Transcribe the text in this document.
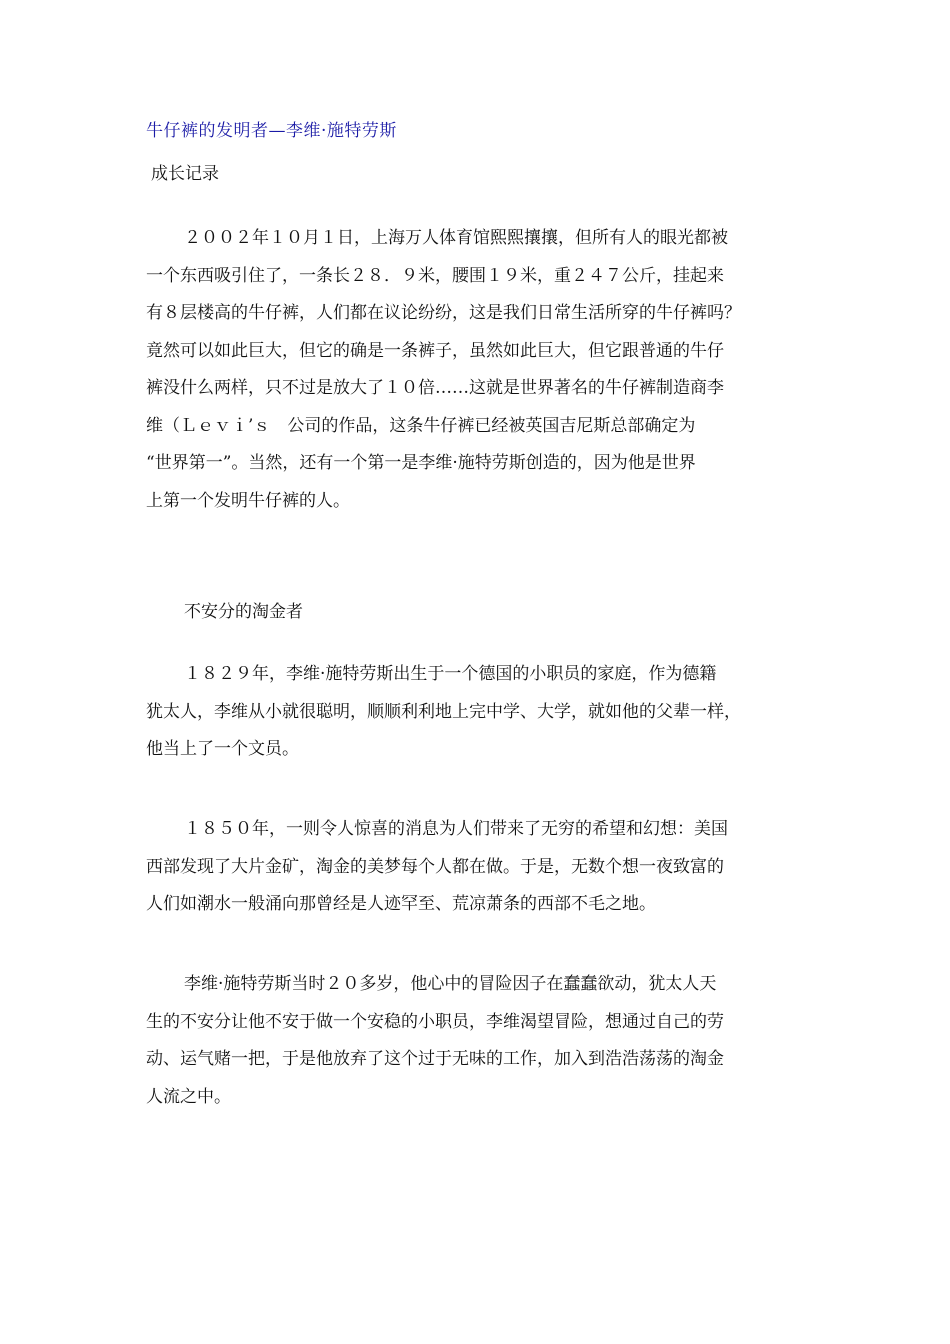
牛仔裤的发明者—李维·施特劳斯
成长记录

２００２年１０月１日，上海万人体育馆熙熙攘攘，但所有人的眼光都被
一个东西吸引住了，一条长２８．９米，腰围１９米，重２４７公斤，挂起来
有８层楼高的牛仔裤，人们都在议论纷纷，这是我们日常生活所穿的牛仔裤吗？
竟然可以如此巨大，但它的确是一条裤子，虽然如此巨大，但它跟普通的牛仔
裤没什么两样，只不过是放大了１０倍……这就是世界著名的牛仔裤制造商李
维（Ｌｅｖｉ’ｓ　公司的作品，这条牛仔裤已经被英国吉尼斯总部确定为
“世界第一”。当然，还有一个第一是李维·施特劳斯创造的，因为他是世界
上第一个发明牛仔裤的人。

不安分的淘金者

１８２９年，李维·施特劳斯出生于一个德国的小职员的家庭，作为德籍
犹太人，李维从小就很聪明，顺顺利利地上完中学、大学，就如他的父辈一样，
他当上了一个文员。

１８５０年，一则令人惊喜的消息为人们带来了无穷的希望和幻想：美国
西部发现了大片金矿，淘金的美梦每个人都在做。于是，无数个想一夜致富的
人们如潮水一般涌向那曾经是人迹罕至、荒凉萧条的西部不毛之地。

李维·施特劳斯当时２０多岁，他心中的冒险因子在蠢蠢欲动，犹太人天
生的不安分让他不安于做一个安稳的小职员，李维渴望冒险，想通过自己的劳
动、运气赌一把，于是他放弃了这个过于无味的工作，加入到浩浩荡荡的淘金
人流之中。
